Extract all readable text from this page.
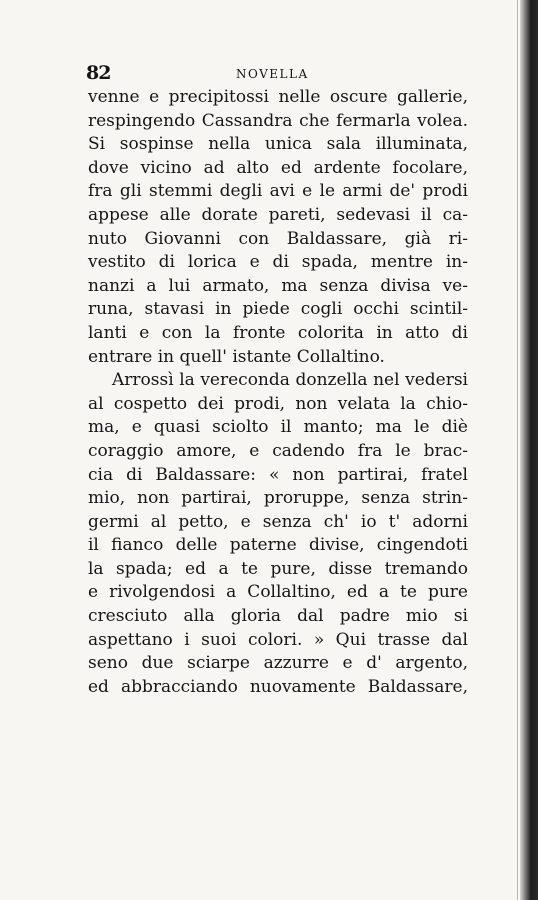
82	NOVELLA
venne e precipitossi nelle oscure gallerie,
respingendo Cassandra che fermarla volea.
Si sospinse nella unica sala illuminata,
dove vicino ad alto ed ardente focolare,
fra gli stemmi degli avi e le armi de' prodi
appese alle dorate pareti, sedevasi il ca-
nuto Giovanni con Baldassare, già ri-
vestito di lorica e di spada, mentre in-
nanzi a lui armato, ma senza divisa ve-
runa, stavasi in piede cogli occhi scintil-
lanti e con la fronte colorita in atto di
entrare in quell' istante Collaltino.
Arrossì la vereconda donzella nel vedersi
al cospetto dei prodi, non velata la chio-
ma, e quasi sciolto il manto; ma le diè
coraggio amore, e cadendo fra le brac-
cia di Baldassare: « non partirai, fratel
mio, non partirai, proruppe, senza strin-
germi al petto, e senza ch' io t' adorni
il fianco delle paterne divise, cingendoti
la spada; ed a te pure, disse tremando
e rivolgendosi a Collaltino, ed a te pure
cresciuto alla gloria dal padre mio si
aspettano i suoi colori. » Qui trasse dal
seno due sciarpe azzurre e d' argento,
ed abbracciando nuovamente Baldassare,
